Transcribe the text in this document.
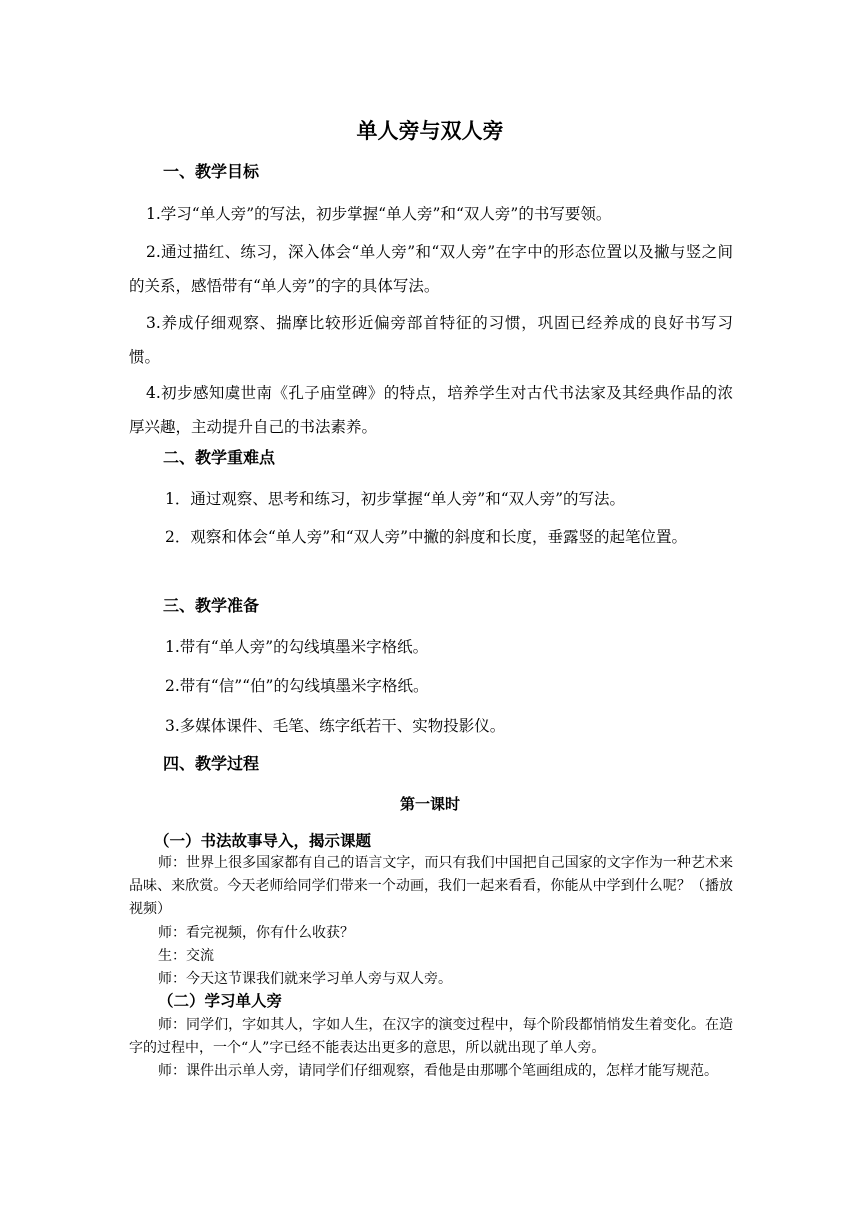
单人旁与双人旁
一、教学目标
1.学习“单人旁”的写法，初步掌握“单人旁”和“双人旁”的书写要领。
2.通过描红、练习，深入体会“单人旁”和“双人旁”在字中的形态位置以及撇与竖之间的关系，感悟带有“单人旁”的字的具体写法。
3.养成仔细观察、揣摩比较形近偏旁部首特征的习惯，巩固已经养成的良好书写习惯。
4.初步感知虞世南《孔子庙堂碑》的特点，培养学生对古代书法家及其经典作品的浓厚兴趣，主动提升自己的书法素养。
二、教学重难点
1．通过观察、思考和练习，初步掌握“单人旁”和“双人旁”的写法。
2．观察和体会“单人旁”和“双人旁”中撇的斜度和长度，垂露竖的起笔位置。
三、教学准备
1.带有“单人旁”的勾线填墨米字格纸。
2.带有“信”“伯”的勾线填墨米字格纸。
3.多媒体课件、毛笔、练字纸若干、实物投影仪。
四、教学过程
第一课时
（一）书法故事导入，揭示课题
师：世界上很多国家都有自己的语言文字，而只有我们中国把自己国家的文字作为一种艺术来品味、来欣赏。今天老师给同学们带来一个动画，我们一起来看看，你能从中学到什么呢？（播放视频）
师：看完视频，你有什么收获？
生：交流
师：今天这节课我们就来学习单人旁与双人旁。
（二）学习单人旁
师：同学们，字如其人，字如人生，在汉字的演变过程中，每个阶段都悄悄发生着变化。在造字的过程中，一个“人”字已经不能表达出更多的意思，所以就出现了单人旁。
师：课件出示单人旁，请同学们仔细观察，看他是由那哪个笔画组成的，怎样才能写规范。
